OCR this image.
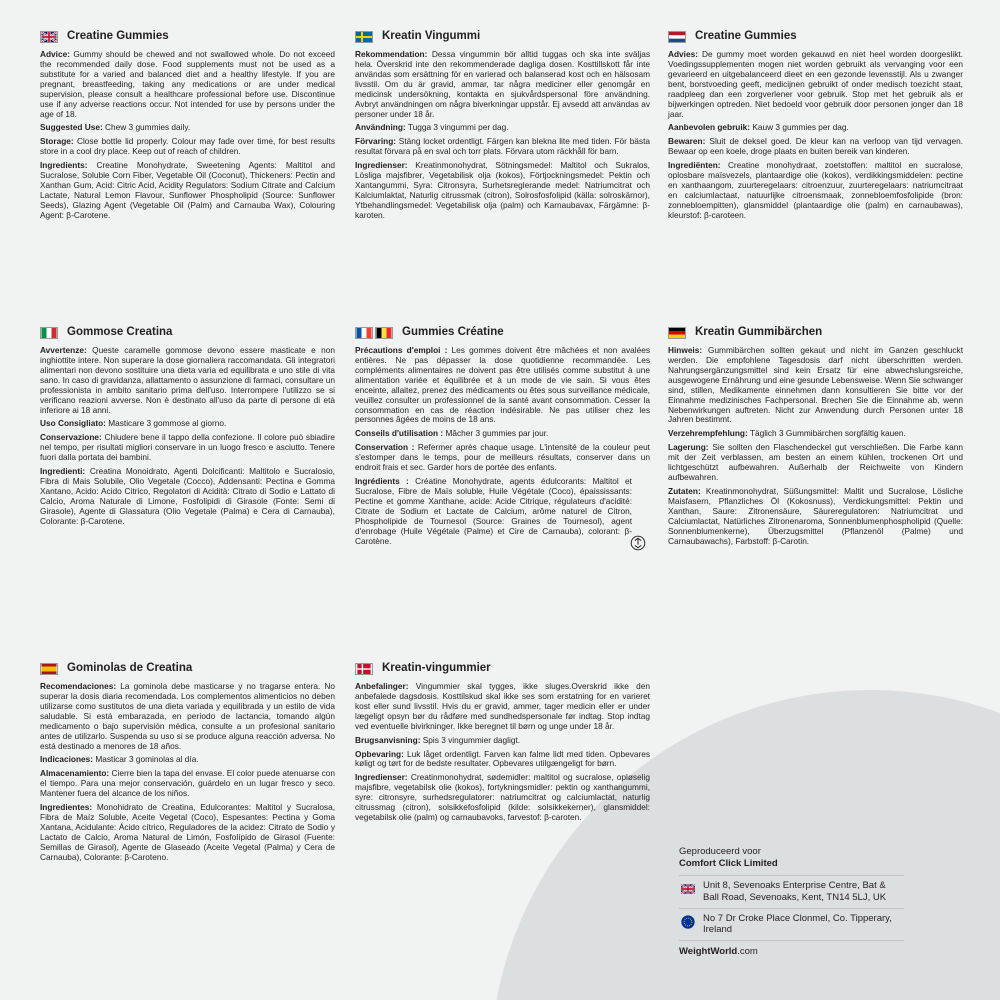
Creatine Gummies

Advice: Gummy should be chewed and not swallowed whole. Do not exceed the recommended daily dose. Food supplements must not be used as a substitute for a varied and balanced diet and a healthy lifestyle. If you are pregnant, breastfeeding, taking any medications or are under medical supervision, please consult a healthcare professional before use. Discontinue use if any adverse reactions occur. Not intended for use by persons under the age of 18.

Suggested Use: Chew 3 gummies daily.

Storage: Close bottle lid properly. Colour may fade over time, for best results store in a cool dry place. Keep out of reach of children.

Ingredients: Creatine Monohydrate, Sweetening Agents: Maltitol and Sucralose, Soluble Corn Fiber, Vegetable Oil (Coconut), Thickeners: Pectin and Xanthan Gum, Acid: Citric Acid, Acidity Regulators: Sodium Citrate and Calcium Lactate, Natural Lemon Flavour, Sunflower Phospholipid (Source: Sunflower Seeds), Glazing Agent (Vegetable Oil (Palm) and Carnauba Wax), Colouring Agent: β-Carotene.

Gommose Creatina

Avvertenze: Queste caramelle gommose devono essere masticate e non inghiottite intere. Non superare la dose giornaliera raccomandata. Gli integratori alimentari non devono sostituire una dieta varia ed equilibrata e uno stile di vita sano. In caso di gravidanza, allattamento o assunzione di farmaci, consultare un professionista in ambito sanitario prima dell'uso. Interrompere l'utilizzo se si verificano reazioni avverse. Non è destinato all'uso da parte di persone di età inferiore ai 18 anni.

Uso Consigliato: Masticare 3 gommose al giorno.

Conservazione: Chiudere bene il tappo della confezione. Il colore può sbiadire nel tempo, per risultati migliori conservare in un luogo fresco e asciutto. Tenere fuori dalla portata dei bambini.

Ingredienti: Creatina Monoidrato, Agenti Dolcificanti: Maltitolo e Sucralosio, Fibra di Mais Solubile, Olio Vegetale (Cocco), Addensanti: Pectina e Gomma Xantano, Acido: Acido Citrico, Regolatori di Acidità: Citrato di Sodio e Lattato di Calcio, Aroma Naturale di Limone, Fosfolipidi di Girasole (Fonte: Semi di Girasole), Agente di Glassatura (Olio Vegetale (Palma) e Cera di Carnauba), Colorante: β-Carotene.

Gominolas de Creatina

Recomendaciones: La gominola debe masticarse y no tragarse entera. No superar la dosis diaria recomendada. Los complementos alimenticios no deben utilizarse como sustitutos de una dieta variada y equilibrada y un estilo de vida saludable. Si está embarazada, en período de lactancia, tomando algún medicamento o bajo supervisión médica, consulte a un profesional sanitario antes de utilizarlo. Suspenda su uso si se produce alguna reacción adversa. No está destinado a menores de 18 años.

Indicaciones: Masticar 3 gominolas al día.

Almacenamiento: Cierre bien la tapa del envase. El color puede atenuarse con el tiempo. Para una mejor conservación, guárdelo en un lugar fresco y seco. Mantener fuera del alcance de los niños.

Ingredientes: Monohidrato de Creatina, Edulcorantes: Maltitol y Sucralosa, Fibra de Maíz Soluble, Aceite Vegetal (Coco), Espesantes: Pectina y Goma Xantana, Acidulante: Ácido cítrico, Reguladores de la acidez: Citrato de Sodio y Lactato de Calcio, Aroma Natural de Limón, Fosfolípido de Girasol (Fuente: Semillas de Girasol), Agente de Glaseado (Aceite Vegetal (Palma) y Cera de Carnauba), Colorante: β-Caroteno.

Kreatin Vingummi

Rekommendation: Dessa vingummin bör alltid tuggas och ska inte sväljas hela. Överskrid inte den rekommenderade dagliga dosen. Kosttillskott får inte användas som ersättning för en varierad och balanserad kost och en hälsosam livsstil. Om du är gravid, ammar, tar några mediciner eller genomgår en medicinsk undersökning, kontakta en sjukvårdspersonal före användning. Avbryt användningen om några biverkningar uppstår. Ej avsedd att användas av personer under 18 år.

Användning: Tugga 3 vingummi per dag.

Förvaring: Stäng locket ordentligt. Färgen kan blekna lite med tiden. För bästa resultat förvara på en sval och torr plats. Förvara utom räckhåll för barn.

Ingredienser: Kreatinmonohydrat, Sötningsmedel: Maltitol och Sukralos, Lösliga majsfibrer, Vegetabilisk olja (kokos), Förtjockningsmedel: Pektin och Xantangummi, Syra: Citronsyra, Surhetsreglerande medel: Natriumcitrat och Kalciumlaktat, Naturlig citrussmak (citron), Solrosfosfolipid (källa: solroskärnor), Ytbehandlingsmedel: Vegetabilisk olja (palm) och Karnaubavax, Färgämne: β-karoten.

Gummies Créatine

Précautions d'emploi : Les gommes doivent être mâchées et non avalées entières. Ne pas dépasser la dose quotidienne recommandée. Les compléments alimentaires ne doivent pas être utilisés comme substitut à une alimentation variée et équilibrée et à un mode de vie sain. Si vous êtes enceinte, allaitez, prenez des médicaments ou êtes sous surveillance médicale, veuillez consulter un professionnel de la santé avant consommation. Cesser la consommation en cas de réaction indésirable. Ne pas utiliser chez les personnes âgées de moins de 18 ans.

Conseils d'utilisation : Mâcher 3 gummies par jour.

Conservation : Refermer après chaque usage. L'intensité de la couleur peut s'estomper dans le temps, pour de meilleurs résultats, conserver dans un endroit frais et sec. Garder hors de portée des enfants.

Ingrédients : Créatine Monohydrate, agents édulcorants: Maltitol et Sucralose, Fibre de Maïs soluble, Huile Végétale (Coco), épaississants: Pectine et gomme Xanthane, acide: Acide Citrique, régulateurs d'acidité: Citrate de Sodium et Lactate de Calcium, arôme naturel de Citron, Phospholipide de Tournesol (Source: Graines de Tournesol), agent d'enrobage (Huile Végétale (Palme) et Cire de Carnauba), colorant: β-Carotène.

Kreatin-vingummier

Anbefalinger: Vingummier skal tygges, ikke sluges.Overskrid ikke den anbefalede dagsdosis. Kosttilskud skal ikke ses som erstatning for en varieret kost eller sund livsstil. Hvis du er gravid, ammer, tager medicin eller er under lægeligt opsyn bør du rådføre med sundhedspersonale før indtag. Stop indtag ved eventuelle bivirkninger. Ikke beregnet til børn og unge under 18 år.

Brugsanvisning: Spis 3 vingummier dagligt.

Opbevaring: Luk låget ordentligt. Farven kan falme lidt med tiden. Opbevares køligt og tørt for de bedste resultater. Opbevares utilgængeligt for børn.

Ingredienser: Creatinmonohydrat, sødemidler: maltitol og sucralose, opløselig majsfibre, vegetabilsk olie (kokos), fortykningsmidler: pektin og xanthangummi, syre: citronsyre, surhedsregulatorer: natriumcitrat og calciumlactat, naturlig citrussmag (citron), solsikkefosfolipid (kilde: solsikkekerner), glansmiddel: vegetabilsk olie (palm) og carnaubavoks, farvestof: β-caroten.

Creatine Gummies

Advies: De gummy moet worden gekauwd en niet heel worden doorgeslikt. Voedingssupplementen mogen niet worden gebruikt als vervanging voor een gevarieerd en uitgebalanceerd dieet en een gezonde levensstijl. Als u zwanger bent, borstvoeding geeft, medicijnen gebruikt of onder medisch toezicht staat, raadpleeg dan een zorgverlener voor gebruik. Stop met het gebruik als er bijwerkingen optreden. Niet bedoeld voor gebruik door personen jonger dan 18 jaar.

Aanbevolen gebruik: Kauw 3 gummies per dag.

Bewaren: Sluit de deksel goed. De kleur kan na verloop van tijd vervagen. Bewaar op een koele, droge plaats en buiten bereik van kinderen.

Ingrediënten: Creatine monohydraat, zoetstoffen: maltitol en sucralose, oplosbare maïsvezels, plantaardige olie (kokos), verdikkingsmiddelen: pectine en xanthaangom, zuurteregelaars: citroenzuur, zuurteregelaars: natriumcitraat en calciumlactaat, natuurlijke citroensmaak, zonnebloemfosfolipide (bron: zonnebloempitten), glansmiddel (plantaardige olie (palm) en carnaubawas), kleurstof: β-caroteen.

Kreatin Gummibärchen

Hinweis: Gummibärchen sollten gekaut und nicht im Ganzen geschluckt werden. Die empfohlene Tagesdosis darf nicht überschritten werden. Nahrungsergänzungsmittel sind kein Ersatz für eine abwechslungsreiche, ausgewogene Ernährung und eine gesunde Lebensweise. Wenn Sie schwanger sind, stillen, Medikamente einnehmen dann konsultieren Sie bitte vor der Einnahme medizinisches Fachpersonal. Brechen Sie die Einnahme ab, wenn Nebenwirkungen auftreten. Nicht zur Anwendung durch Personen unter 18 Jahren bestimmt.

Verzehrempfehlung: Täglich 3 Gummibärchen sorgfältig kauen.

Lagerung: Sie sollten den Flaschendeckel gut verschließen. Die Farbe kann mit der Zeit verblassen, am besten an einem kühlen, trockenen Ort und lichtgeschützt aufbewahren. Außerhalb der Reichweite von Kindern aufbewahren.

Zutaten: Kreatinmonohydrat, Süßungsmittel: Maltit und Sucralose, Lösliche Maisfasern, Pflanzliches Öl (Kokosnuss), Verdickungsmittel: Pektin und Xanthan, Saure: Zitronensäure, Säureregulatoren: Natriumcitrat und Calciumlactat, Natürliches Zitronenaroma, Sonnenblumenphospholipid (Quelle: Sonnenblumenkerne), Überzugsmittel (Pflanzenöl (Palme) und Carnaubawachs), Farbstoff: β-Carotin.

Geproduceerd voor
Comfort Click Limited
Unit 8, Sevenoaks Enterprise Centre, Bat & Ball Road, Sevenoaks, Kent, TN14 5LJ, UK
No 7 Dr Croke Place Clonmel, Co. Tipperary, Ireland
WeightWorld.com
